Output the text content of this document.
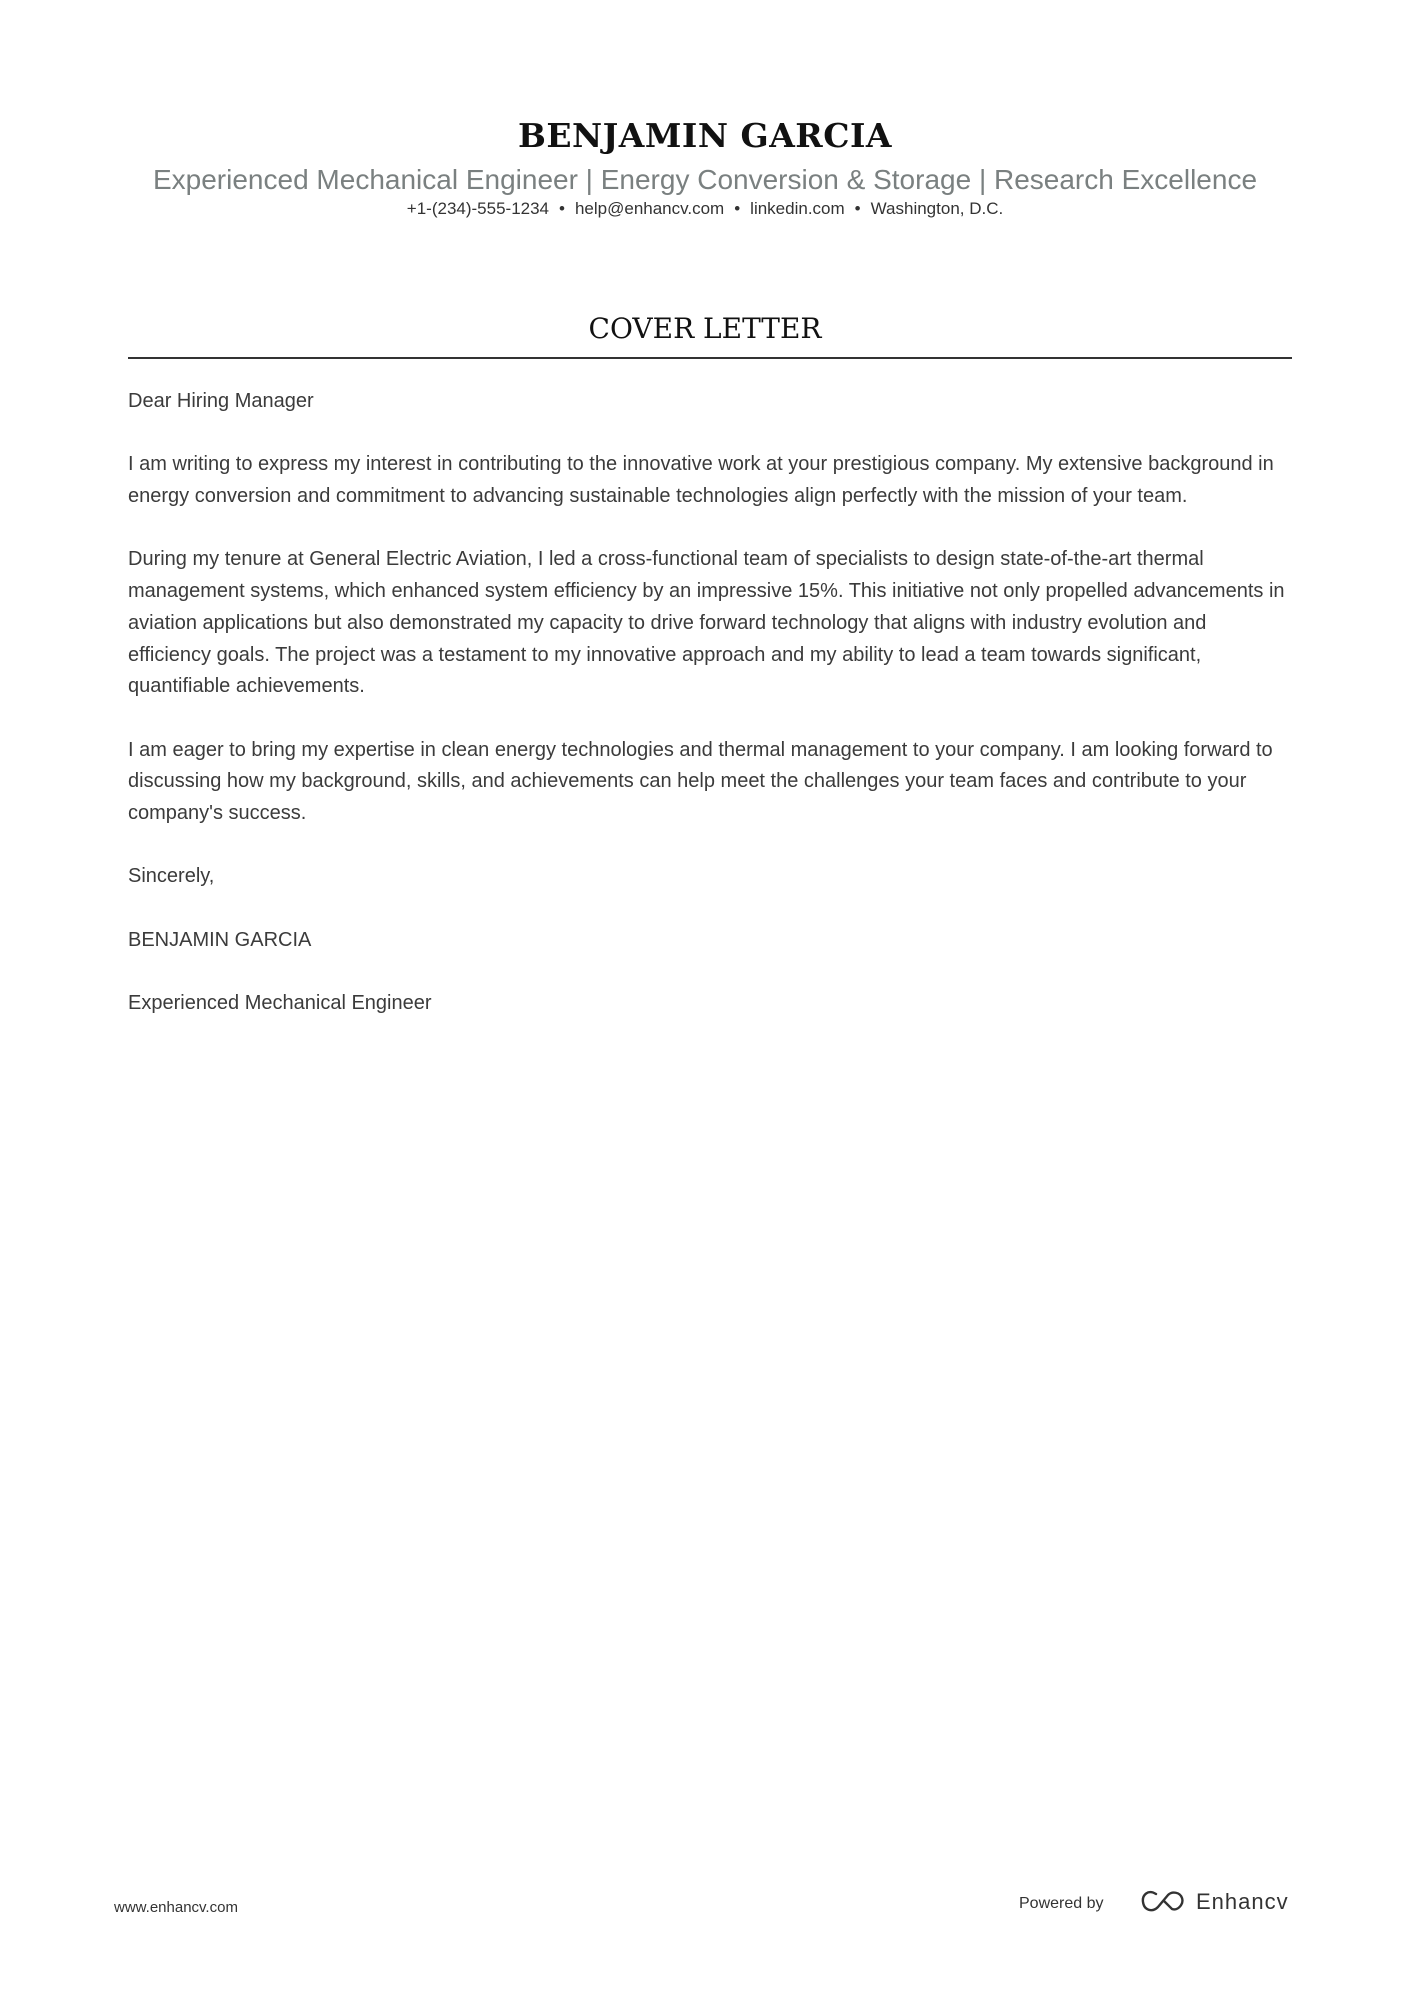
BENJAMIN GARCIA
Experienced Mechanical Engineer | Energy Conversion & Storage | Research Excellence
+1-(234)-555-1234 • help@enhancv.com • linkedin.com • Washington, D.C.
COVER LETTER

Dear Hiring Manager

I am writing to express my interest in contributing to the innovative work at your prestigious company. My extensive background in energy conversion and commitment to advancing sustainable technologies align perfectly with the mission of your team.

During my tenure at General Electric Aviation, I led a cross-functional team of specialists to design state-of-the-art thermal management systems, which enhanced system efficiency by an impressive 15%. This initiative not only propelled advancements in aviation applications but also demonstrated my capacity to drive forward technology that aligns with industry evolution and efficiency goals. The project was a testament to my innovative approach and my ability to lead a team towards significant, quantifiable achievements.

I am eager to bring my expertise in clean energy technologies and thermal management to your company. I am looking forward to discussing how my background, skills, and achievements can help meet the challenges your team faces and contribute to your company's success.

Sincerely,

BENJAMIN GARCIA

Experienced Mechanical Engineer

www.enhancv.com	Powered by	Enhancv
